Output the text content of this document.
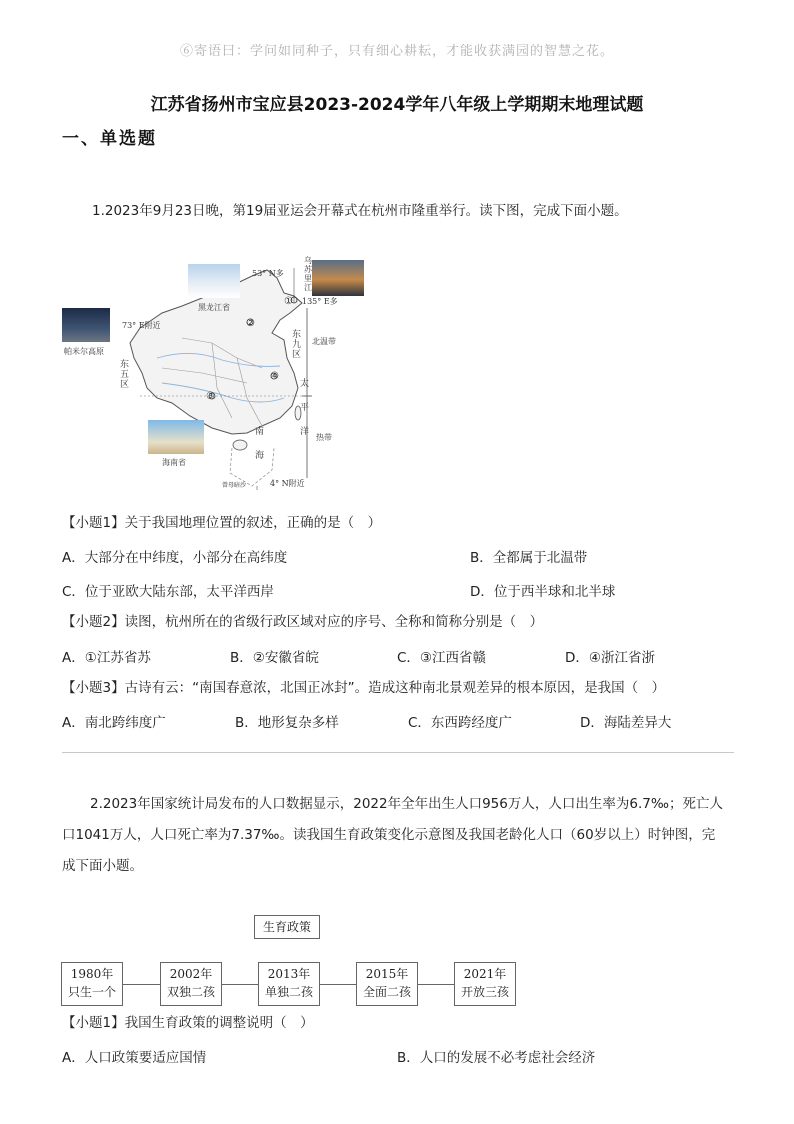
⑥寄语曰：学问如同种子，只有细心耕耘，才能收获满园的智慧之花。
江苏省扬州市宝应县2023-2024学年八年级上学期期末地理试题
一、单选题
1.2023年9月23日晚，第19届亚运会开幕式在杭州市隆重举行。读下图，完成下面小题。
53° N多
135° E多
73° E附近
4° N附近
黑龙江省
帕米尔高原
海南省
乌苏里江
东九区
东五区
北温带
太平洋
热带
南海
曾母暗沙
①
②
③
④
【小题1】关于我国地理位置的叙述，正确的是（　）
A．大部分在中纬度，小部分在高纬度	B．全都属于北温带
C．位于亚欧大陆东部，太平洋西岸	D．位于西半球和北半球
【小题2】读图，杭州所在的省级行政区域对应的序号、全称和简称分别是（　）
A．①江苏省苏	B．②安徽省皖	C．③江西省赣	D．④浙江省浙
【小题3】古诗有云：“南国春意浓，北国正冰封”。造成这种南北景观差异的根本原因，是我国（　）
A．南北跨纬度广	B．地形复杂多样	C．东西跨经度广	D．海陆差异大
2.2023年国家统计局发布的人口数据显示，2022年全年出生人口956万人，人口出生率为6.7‰；死亡人
口1041万人，人口死亡率为7.37‰。读我国生育政策变化示意图及我国老龄化人口（60岁以上）时钟图，完
成下面小题。
生育政策
1980年
只生一个
2002年
双独二孩
2013年
单独二孩
2015年
全面二孩
2021年
开放三孩
【小题1】我国生育政策的调整说明（　）
A．人口政策要适应国情	B．人口的发展不必考虑社会经济
